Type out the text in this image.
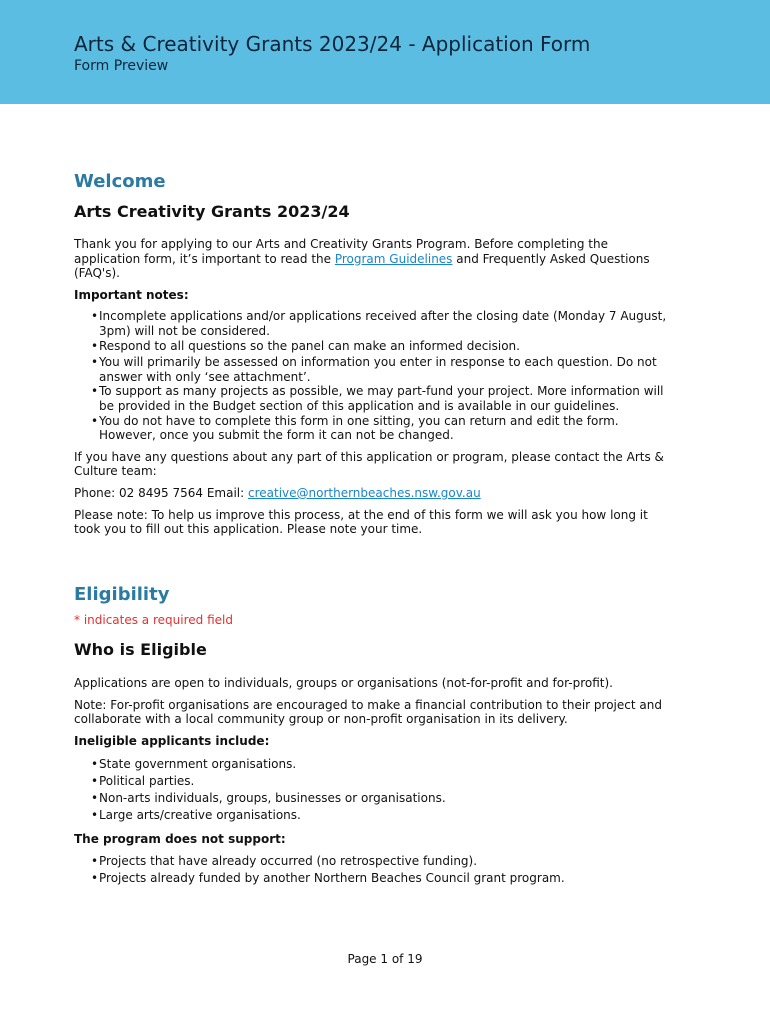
Arts & Creativity Grants 2023/24 - Application Form
Form Preview
Welcome
Arts Creativity Grants 2023/24

Thank you for applying to our Arts and Creativity Grants Program. Before completing the application form, it’s important to read the Program Guidelines and Frequently Asked Questions (FAQ's).

Important notes:

• Incomplete applications and/or applications received after the closing date (Monday 7 August, 3pm) will not be considered.
• Respond to all questions so the panel can make an informed decision.
• You will primarily be assessed on information you enter in response to each question. Do not answer with only ‘see attachment’.
• To support as many projects as possible, we may part-fund your project. More information will be provided in the Budget section of this application and is available in our guidelines.
• You do not have to complete this form in one sitting, you can return and edit the form. However, once you submit the form it can not be changed.

If you have any questions about any part of this application or program, please contact the Arts & Culture team:

Phone: 02 8495 7564 Email: creative@northernbeaches.nsw.gov.au

Please note: To help us improve this process, at the end of this form we will ask you how long it took you to fill out this application. Please note your time.

Eligibility

* indicates a required field

Who is Eligible

Applications are open to individuals, groups or organisations (not-for-profit and for-profit).

Note: For-profit organisations are encouraged to make a financial contribution to their project and collaborate with a local community group or non-profit organisation in its delivery.

Ineligible applicants include:

• State government organisations.
• Political parties.
• Non-arts individuals, groups, businesses or organisations.
• Large arts/creative organisations.

The program does not support:

• Projects that have already occurred (no retrospective funding).
• Projects already funded by another Northern Beaches Council grant program.
Page 1 of 19
